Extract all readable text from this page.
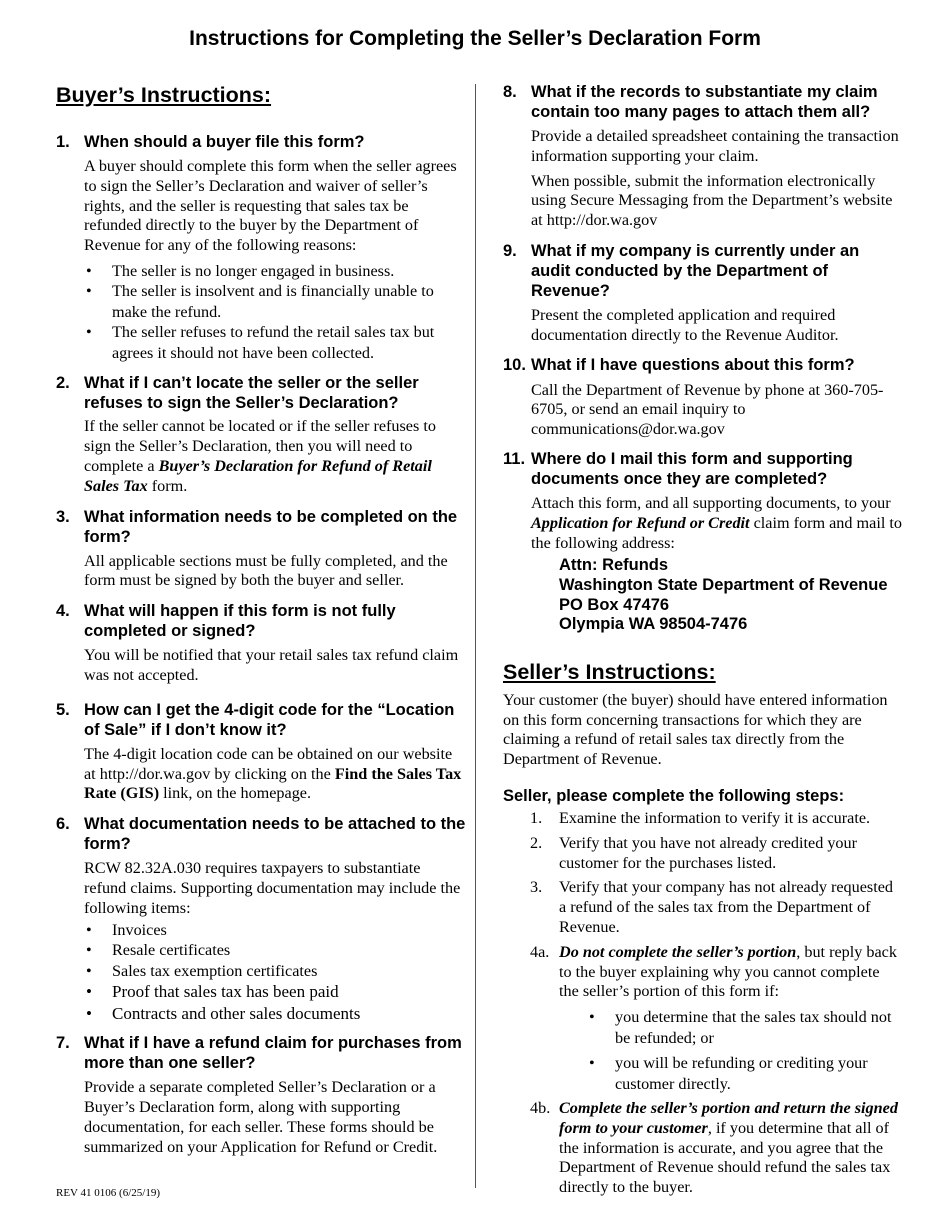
Instructions for Completing the Seller’s Declaration Form
Buyer’s Instructions:
1. When should a buyer file this form?
A buyer should complete this form when the seller agrees to sign the Seller’s Declaration and waiver of seller’s rights, and the seller is requesting that sales tax be refunded directly to the buyer by the Department of Revenue for any of the following reasons:
• The seller is no longer engaged in business.
• The seller is insolvent and is financially unable to make the refund.
• The seller refuses to refund the retail sales tax but agrees it should not have been collected.
2. What if I can’t locate the seller or the seller refuses to sign the Seller’s Declaration?
If the seller cannot be located or if the seller refuses to sign the Seller’s Declaration, then you will need to complete a Buyer’s Declaration for Refund of Retail Sales Tax form.
3. What information needs to be completed on the form?
All applicable sections must be fully completed, and the form must be signed by both the buyer and seller.
4. What will happen if this form is not fully completed or signed?
You will be notified that your retail sales tax refund claim was not accepted.
5. How can I get the 4-digit code for the “Location of Sale” if I don’t know it?
The 4-digit location code can be obtained on our website at http://dor.wa.gov by clicking on the Find the Sales Tax Rate (GIS) link, on the homepage.
6. What documentation needs to be attached to the form?
RCW 82.32A.030 requires taxpayers to substantiate refund claims. Supporting documentation may include the following items:
• Invoices
• Resale certificates
• Sales tax exemption certificates
• Proof that sales tax has been paid
• Contracts and other sales documents
7. What if I have a refund claim for purchases from more than one seller?
Provide a separate completed Seller’s Declaration or a Buyer’s Declaration form, along with supporting documentation, for each seller. These forms should be summarized on your Application for Refund or Credit.
8. What if the records to substantiate my claim contain too many pages to attach them all?
Provide a detailed spreadsheet containing the transaction information supporting your claim.
When possible, submit the information electronically using Secure Messaging from the Department’s website at http://dor.wa.gov
9. What if my company is currently under an audit conducted by the Department of Revenue?
Present the completed application and required documentation directly to the Revenue Auditor.
10. What if I have questions about this form?
Call the Department of Revenue by phone at 360-705-6705, or send an email inquiry to communications@dor.wa.gov
11. Where do I mail this form and supporting documents once they are completed?
Attach this form, and all supporting documents, to your Application for Refund or Credit claim form and mail to the following address:
Attn: Refunds
Washington State Department of Revenue
PO Box 47476
Olympia WA 98504-7476
Seller’s Instructions:
Your customer (the buyer) should have entered information on this form concerning transactions for which they are claiming a refund of retail sales tax directly from the Department of Revenue.
Seller, please complete the following steps:
1. Examine the information to verify it is accurate.
2. Verify that you have not already credited your customer for the purchases listed.
3. Verify that your company has not already requested a refund of the sales tax from the Department of Revenue.
4a. Do not complete the seller’s portion, but reply back to the buyer explaining why you cannot complete the seller’s portion of this form if:
• you determine that the sales tax should not be refunded; or
• you will be refunding or crediting your customer directly.
4b. Complete the seller’s portion and return the signed form to your customer, if you determine that all of the information is accurate, and you agree that the Department of Revenue should refund the sales tax directly to the buyer.
REV 41 0106 (6/25/19)
